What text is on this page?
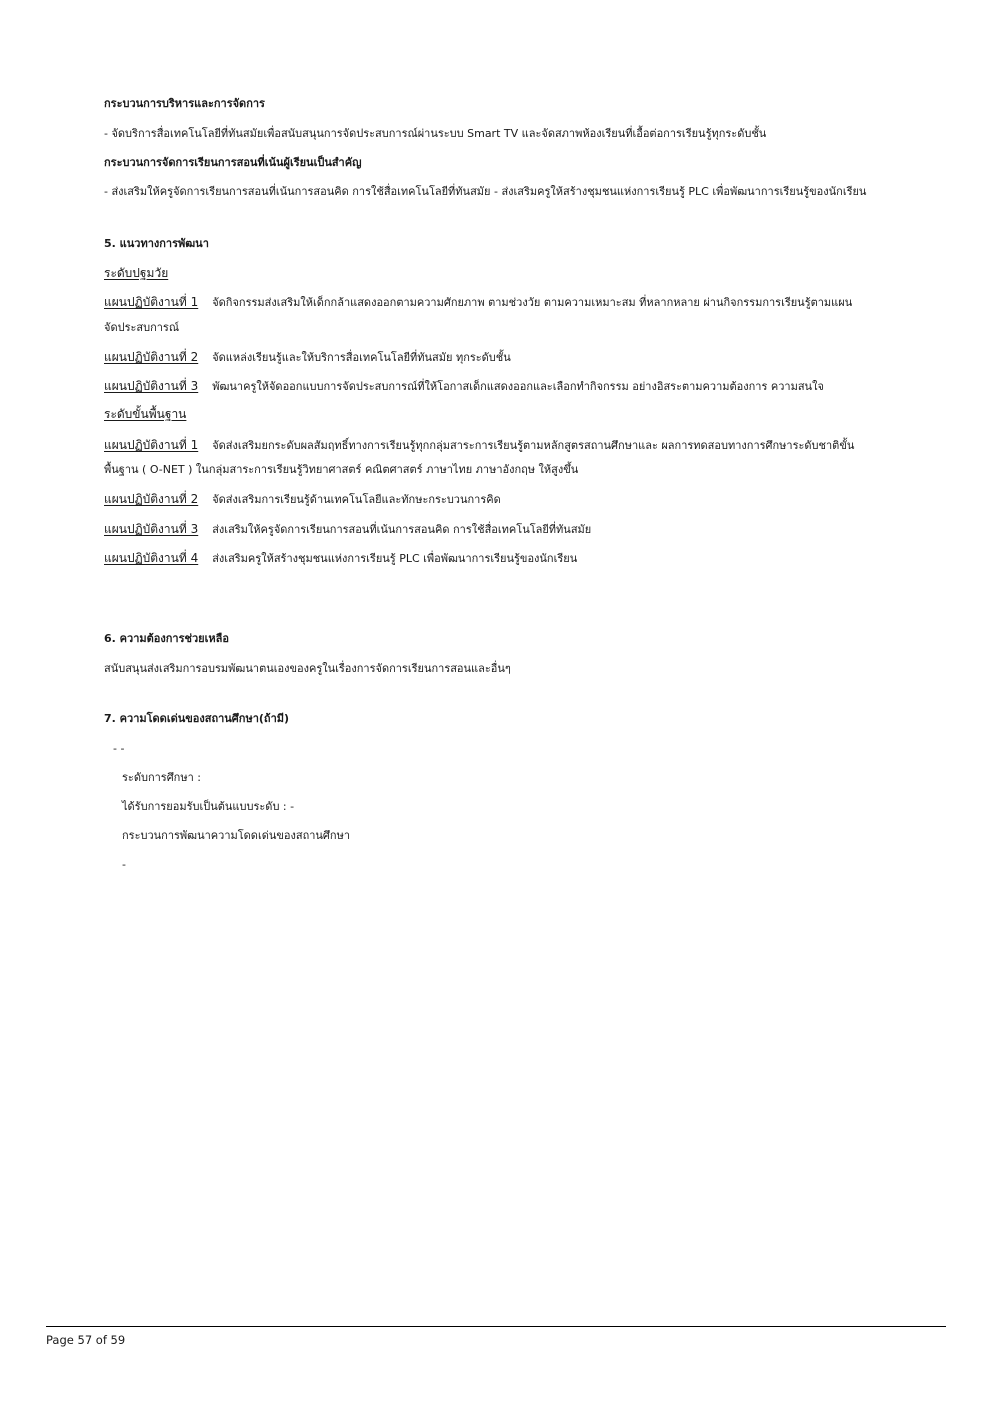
กระบวนการบริหารและการจัดการ
- จัดบริการสื่อเทคโนโลยีที่ทันสมัยเพื่อสนับสนุนการจัดประสบการณ์ผ่านระบบ Smart TV และจัดสภาพห้องเรียนที่เอื้อต่อการเรียนรู้ทุกระดับชั้น
กระบวนการจัดการเรียนการสอนที่เน้นผู้เรียนเป็นสำคัญ
- ส่งเสริมให้ครูจัดการเรียนการสอนที่เน้นการสอนคิด การใช้สื่อเทคโนโลยีที่ทันสมัย - ส่งเสริมครูให้สร้างชุมชนแห่งการเรียนรู้ PLC เพื่อพัฒนาการเรียนรู้ของนักเรียน
5. แนวทางการพัฒนา
ระดับปฐมวัย
แผนปฏิบัติงานที่ 1 จัดกิจกรรมส่งเสริมให้เด็กกล้าแสดงออกตามความศักยภาพ ตามช่วงวัย ตามความเหมาะสม ที่หลากหลาย ผ่านกิจกรรมการเรียนรู้ตามแผน
จัดประสบการณ์
แผนปฏิบัติงานที่ 2 จัดแหล่งเรียนรู้และให้บริการสื่อเทคโนโลยีที่ทันสมัย ทุกระดับชั้น
แผนปฏิบัติงานที่ 3 พัฒนาครูให้จัดออกแบบการจัดประสบการณ์ที่ให้โอกาสเด็กแสดงออกและเลือกทำกิจกรรม อย่างอิสระตามความต้องการ ความสนใจ
ระดับขั้นพื้นฐาน
แผนปฏิบัติงานที่ 1 จัดส่งเสริมยกระดับผลสัมฤทธิ์ทางการเรียนรู้ทุกกลุ่มสาระการเรียนรู้ตามหลักสูตรสถานศึกษาและ ผลการทดสอบทางการศึกษาระดับชาติขั้น
พื้นฐาน ( O-NET ) ในกลุ่มสาระการเรียนรู้วิทยาศาสตร์ คณิตศาสตร์ ภาษาไทย ภาษาอังกฤษ ให้สูงขึ้น
แผนปฏิบัติงานที่ 2 จัดส่งเสริมการเรียนรู้ด้านเทคโนโลยีและทักษะกระบวนการคิด
แผนปฏิบัติงานที่ 3 ส่งเสริมให้ครูจัดการเรียนการสอนที่เน้นการสอนคิด การใช้สื่อเทคโนโลยีที่ทันสมัย
แผนปฏิบัติงานที่ 4 ส่งเสริมครูให้สร้างชุมชนแห่งการเรียนรู้ PLC เพื่อพัฒนาการเรียนรู้ของนักเรียน
6. ความต้องการช่วยเหลือ
สนับสนุนส่งเสริมการอบรมพัฒนาตนเองของครูในเรื่องการจัดการเรียนการสอนและอื่นๆ
7. ความโดดเด่นของสถานศึกษา(ถ้ามี)
- -
ระดับการศึกษา :
ได้รับการยอมรับเป็นต้นแบบระดับ : -
กระบวนการพัฒนาความโดดเด่นของสถานศึกษา
-
Page 57 of 59
